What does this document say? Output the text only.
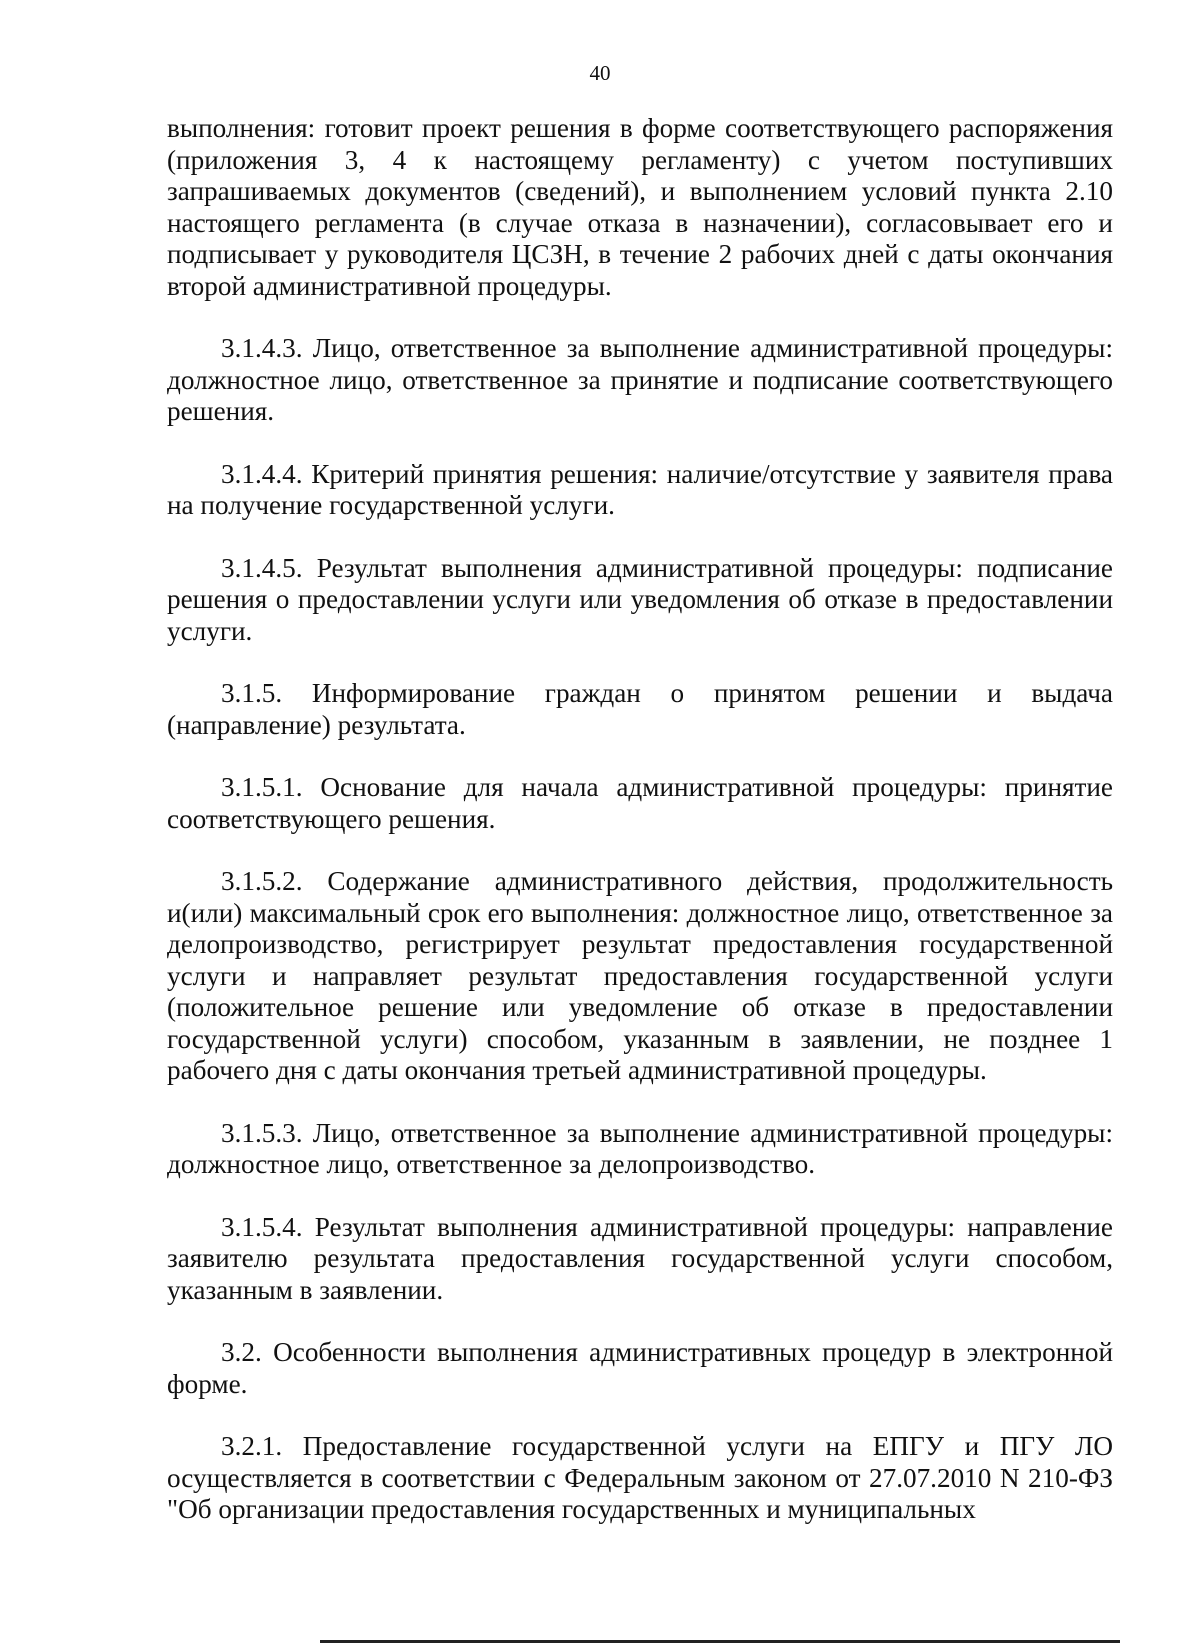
40

выполнения: готовит проект решения в форме соответствующего распоряжения (приложения 3, 4 к настоящему регламенту) с учетом поступивших запрашиваемых документов (сведений), и выполнением условий пункта 2.10 настоящего регламента (в случае отказа в назначении), согласовывает его и подписывает у руководителя ЦСЗН, в течение 2 рабочих дней с даты окончания второй административной процедуры.

3.1.4.3. Лицо, ответственное за выполнение административной процедуры: должностное лицо, ответственное за принятие и подписание соответствующего решения.

3.1.4.4. Критерий принятия решения: наличие/отсутствие у заявителя права на получение государственной услуги.

3.1.4.5. Результат выполнения административной процедуры: подписание решения о предоставлении услуги или уведомления об отказе в предоставлении услуги.

3.1.5. Информирование граждан о принятом решении и выдача (направление) результата.

3.1.5.1. Основание для начала административной процедуры: принятие соответствующего решения.

3.1.5.2. Содержание административного действия, продолжительность и(или) максимальный срок его выполнения: должностное лицо, ответственное за делопроизводство, регистрирует результат предоставления государственной услуги и направляет результат предоставления государственной услуги (положительное решение или уведомление об отказе в предоставлении государственной услуги) способом, указанным в заявлении, не позднее 1 рабочего дня с даты окончания третьей административной процедуры.

3.1.5.3. Лицо, ответственное за выполнение административной процедуры: должностное лицо, ответственное за делопроизводство.

3.1.5.4. Результат выполнения административной процедуры: направление заявителю результата предоставления государственной услуги способом, указанным в заявлении.

3.2. Особенности выполнения административных процедур в электронной форме.

3.2.1. Предоставление государственной услуги на ЕПГУ и ПГУ ЛО осуществляется в соответствии с Федеральным законом от 27.07.2010 N 210-ФЗ "Об организации предоставления государственных и муниципальных
